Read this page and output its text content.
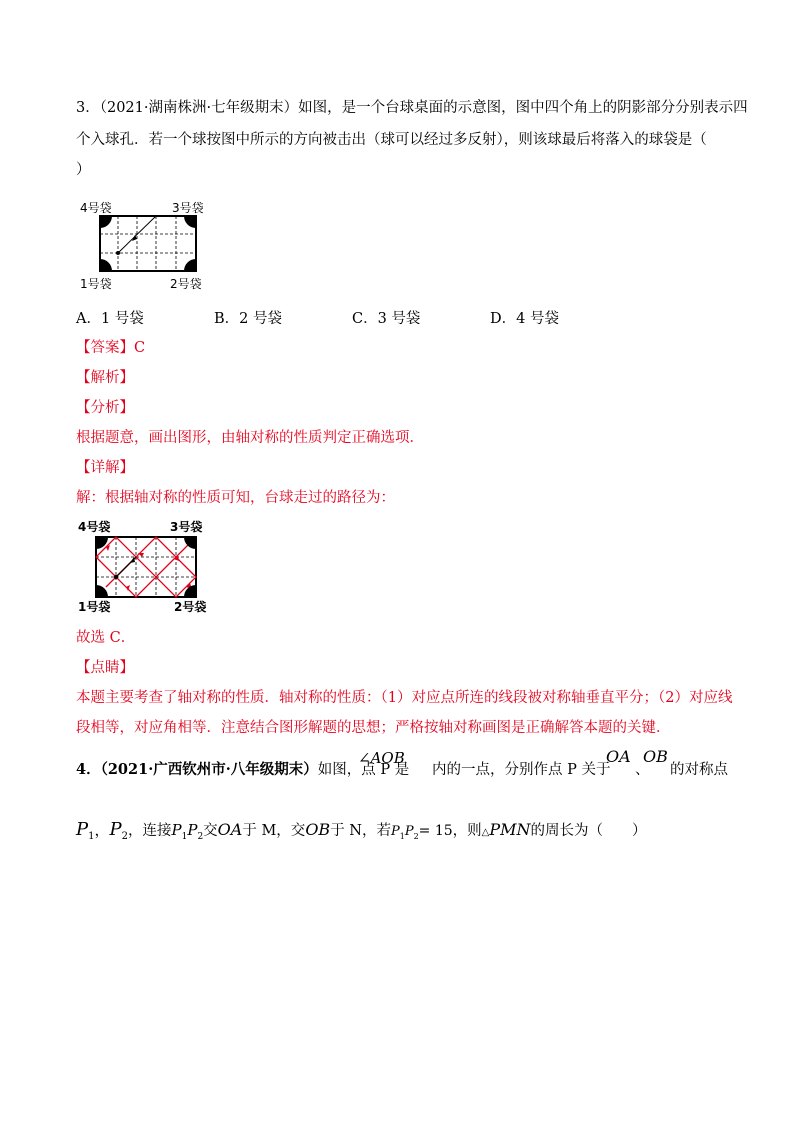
3．（2021·湖南株洲·七年级期末）如图，是一个台球桌面的示意图，图中四个角上的阴影部分分别表示四
个入球孔．若一个球按图中所示的方向被击出（球可以经过多反射），则该球最后将落入的球袋是（
）
4号袋	3号袋
1号袋	2号袋
A．1 号袋	B．2 号袋	C．3 号袋	D．4 号袋
【答案】C
【解析】
【分析】
根据题意，画出图形，由轴对称的性质判定正确选项．
【详解】
解：根据轴对称的性质可知，台球走过的路径为：
4号袋	3号袋
1号袋	2号袋
故选 C．
【点睛】
本题主要考查了轴对称的性质．轴对称的性质：（1）对应点所连的线段被对称轴垂直平分；（2）对应线
段相等，对应角相等．注意结合图形解题的思想；严格按轴对称画图是正确解答本题的关键．
4．（2021·广西钦州市·八年级期末）如图，点 P 是
∠AOB
内的一点，分别作点 P 关于
OA
、
OB
的对称点
$P_1$，$P_2$，连接$P_1P_2$交OA于 M，交OB于 N，若$P_1P_2= 15$，则△PMN的周长为（　　）
